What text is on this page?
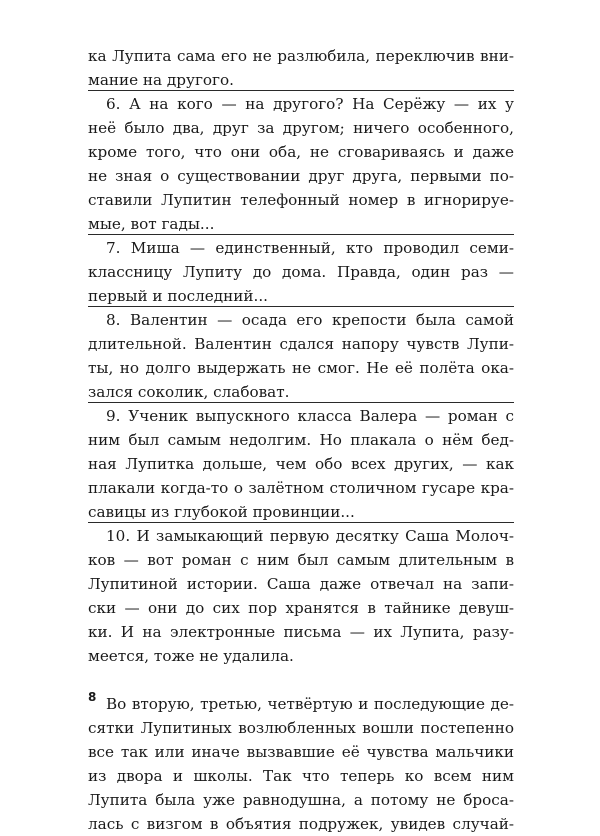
ка Лупита сама его не разлюбила, переключив вни-
мание на другого.
6. А на кого — на другого? На Серёжу — их у
неё было два, друг за другом; ничего особенного,
кроме того, что они оба, не сговариваясь и даже
не зная о существовании друг друга, первыми по-
ставили Лупитин телефонный номер в игнорируе-
мые, вот гады...
7. Миша — единственный, кто проводил семи-
классницу Лупиту до дома. Правда, один раз —
первый и последний...
8. Валентин — осада его крепости была самой
длительной. Валентин сдался напору чувств Лупи-
ты, но долго выдержать не смог. Не её полёта ока-
зался соколик, слабоват.
9. Ученик выпускного класса Валера — роман с
ним был самым недолгим. Но плакала о нём бед-
ная Лупитка дольше, чем обо всех других, — как
плакали когда-то о залётном столичном гусаре кра-
савицы из глубокой провинции...
10. И замыкающий первую десятку Саша Молоч-
ков — вот роман с ним был самым длительным в
Лупитиной истории. Саша даже отвечал на запи-
ски — они до сих пор хранятся в тайнике девуш-
ки. И на электронные письма — их Лупита, разу-
меется, тоже не удалила.
Во вторую, третью, четвёртую и последующие де-
сятки Лупитиных возлюбленных вошли постепенно
все так или иначе вызвавшие её чувства мальчики
из двора и школы. Так что теперь ко всем ним
Лупита была уже равнодушна, а потому не броса-
лась с визгом в объятия подружек, увидев случай-
8
